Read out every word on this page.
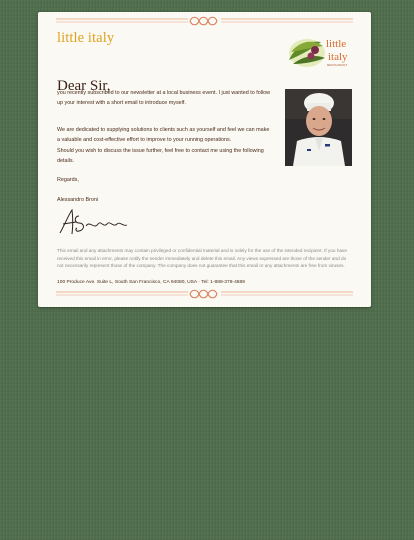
little italy	little
italy
RESTAURANT
Dear Sir,
you recently subscribed to our newsletter at a local business event. I just wanted to follow up your interest with a short email to introduce myself.
We are dedicated to supplying solutions to clients such as yourself and feel we can make a valuable and cost-effective effort to improve to your running operations.
Should you wish to discuss the issue further, feel free to contact me using the following details.
Regards,
Alessandro Broni
This email and any attachments may contain privileged or confidential material and is solely for the use of the intended recipient. If you have received this email in error, please notify the sender immediately and delete this email. Any views expressed are those of the sender and do not necessarily represent those of the company. The company does not guarantee that this email or any attachments are free from viruses.
100 Produce Ave. Suite L, South San Francisco, CA 94080, USA · Tel: 1-888-378-4689
